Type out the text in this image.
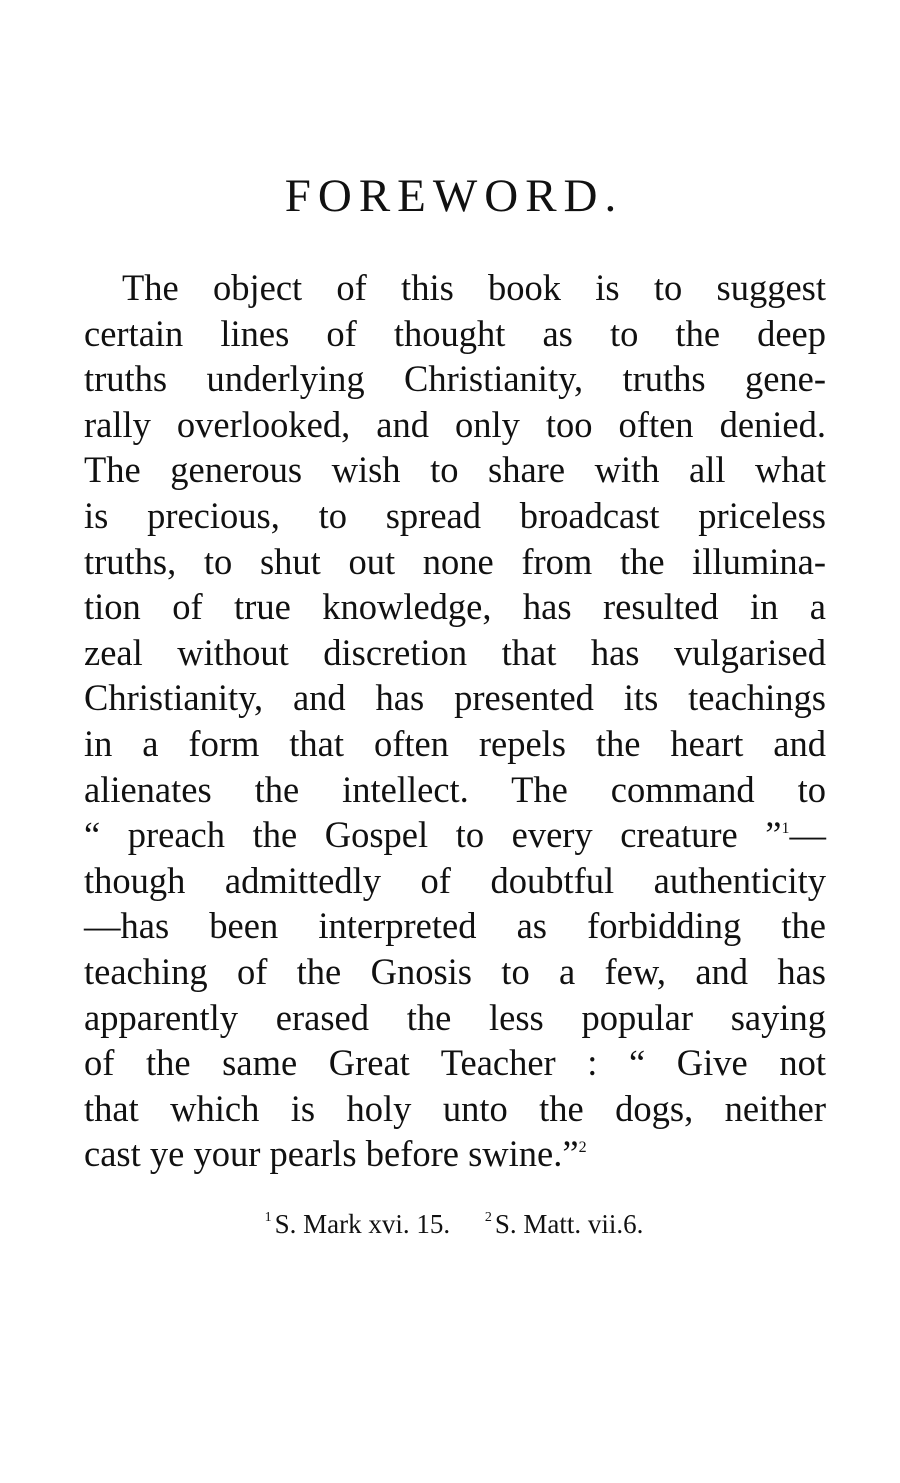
FOREWORD.
The object of this book is to suggest
certain lines of thought as to the deep
truths underlying Christianity, truths gene-
rally overlooked, and only too often denied.
The generous wish to share with all what
is precious, to spread broadcast priceless
truths, to shut out none from the illumina-
tion of true knowledge, has resulted in a
zeal without discretion that has vulgarised
Christianity, and has presented its teachings
in a form that often repels the heart and
alienates the intellect. The command to
“ preach the Gospel to every creature ”$^1$—
though admittedly of doubtful authenticity
—has been interpreted as forbidding the
teaching of the Gnosis to a few, and has
apparently erased the less popular saying
of the same Great Teacher : “ Give not
that which is holy unto the dogs, neither
cast ye your pearls before swine.”$^2$
$^1$ S. Mark xvi. 15. $^2$ S. Matt. vii.6.
